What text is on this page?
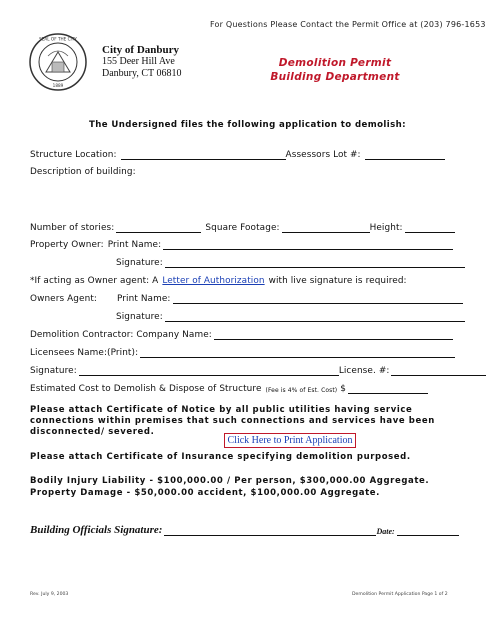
For Questions Please Contact the Permit Office at (203) 796-1653
SEAL OF THE CITY
1889
City of Danbury
155 Deer Hill Ave
Danbury, CT 06810
Demolition Permit
Building Department
The Undersigned files the following application to demolish:
Structure Location:	Assessors Lot #:
Description of building:
Number of stories:	Square Footage:	Height:
Property Owner: Print Name:
Signature:
*If acting as Owner agent: A Letter of Authorization with live signature is required:
Owners Agent: Print Name:
Signature:
Demolition Contractor: Company Name:
Licensees Name:(Print):
Signature:	License. #:
Estimated Cost to Demolish & Dispose of Structure (Fee is 4% of Est. Cost) $
Please attach Certificate of Notice by all public utilities having service connections within premises that such connections and services have been disconnected/ severed.
Click Here to Print Application
Please attach Certificate of Insurance specifying demolition purposed.
Bodily Injury Liability - $100,000.00 / Per person, $300,000.00 Aggregate.
Property Damage - $50,000.00 accident, $100,000.00 Aggregate.
Building Officials Signature:	Date:
Rev. July 9, 2003	Demolition Permit Application Page 1 of 2
